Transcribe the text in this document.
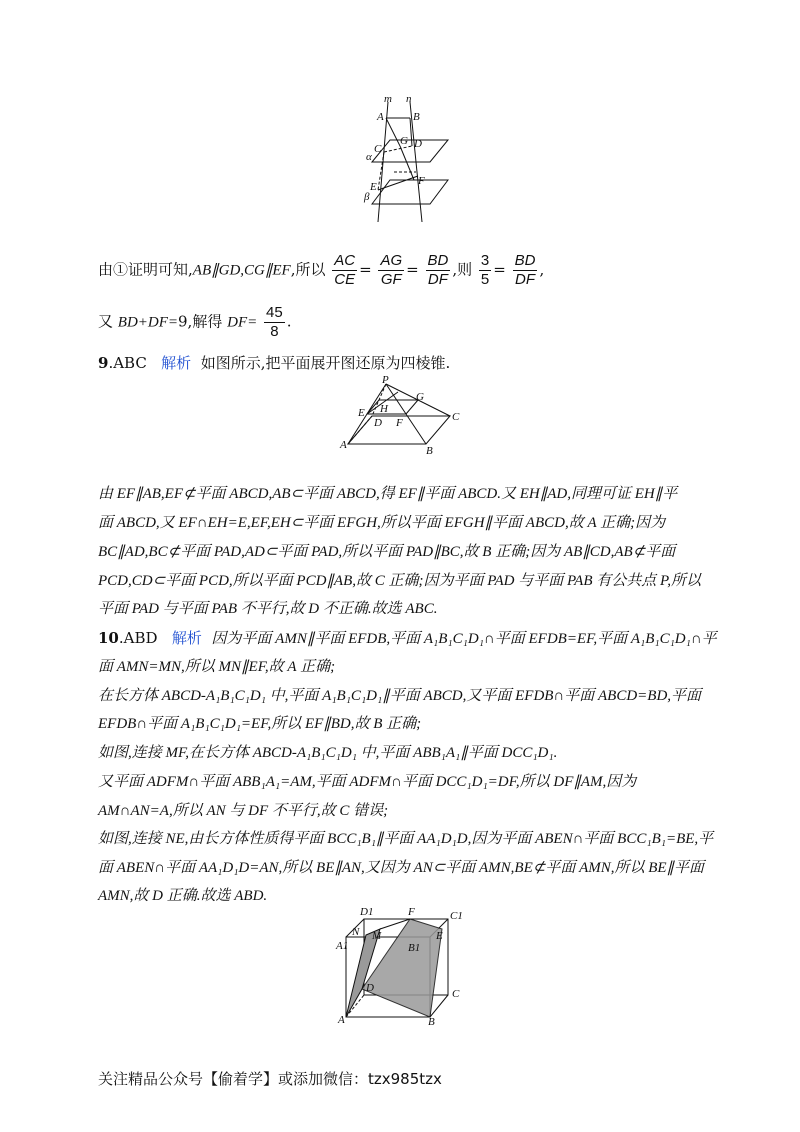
m n
A	B
C
G D
α
E	F
β
由①证明可知,AB∥GD,CG∥EF,所以 $\frac{AC}{CE} = \frac{AG}{GF} = \frac{BD}{DF}$ ,则 $\frac{3}{5} = \frac{BD}{DF}$ ,
又 BD+DF=9,解得 $DF= \frac{45}{8}$ .
9.ABC 解析 如图所示,把平面展开图还原为四棱锥.
P
G
E H
C
D F
A	B
由 EF∥AB,EF⊄平面 ABCD,AB⊂平面 ABCD,得 EF∥平面 ABCD.又 EH∥AD,同理可证 EH∥平
面 ABCD,又 EF∩EH=E,EF,EH⊂平面 EFGH,所以平面 EFGH∥平面 ABCD,故 A 正确;因为
BC∥AD,BC⊄平面 PAD,AD⊂平面 PAD,所以平面 PAD∥BC,故 B 正确;因为 AB∥CD,AB⊄平面
PCD,CD⊂平面 PCD,所以平面 PCD∥AB,故 C 正确;因为平面 PAD 与平面 PAB 有公共点 P,所以
平面 PAD 与平面 PAB 不平行,故 D 不正确.故选 ABC.
10.ABD 解析 因为平面 AMN∥平面 EFDB,平面 A₁B₁C₁D₁∩平面 EFDB=EF,平面 A₁B₁C₁D₁∩平
面 AMN=MN,所以 MN∥EF,故 A 正确;
在长方体 ABCD-A₁B₁C₁D₁ 中,平面 A₁B₁C₁D₁∥平面 ABCD,又平面 EFDB∩平面 ABCD=BD,平面
EFDB∩平面 A₁B₁C₁D₁=EF,所以 EF∥BD,故 B 正确;
如图,连接 MF,在长方体 ABCD-A₁B₁C₁D₁ 中,平面 ABB₁A₁∥平面 DCC₁D₁.
又平面 ADFM∩平面 ABB₁A₁=AM,平面 ADFM∩平面 DCC₁D₁=DF,所以 DF∥AM,因为
AM∩AN=A,所以 AN 与 DF 不平行,故 C 错误;
如图,连接 NE,由长方体性质得平面 BCC₁B₁∥平面 AA₁D₁D,因为平面 ABEN∩平面 BCC₁B₁=BE,平
面 ABEN∩平面 AA₁D₁D=AN,所以 BE∥AN,又因为 AN⊂平面 AMN,BE⊄平面 AMN,所以 BE∥平面
AMN,故 D 正确.故选 ABD.
D1	F	C1
N M
A1	B1
E
D	C
A	B
关注精品公众号【偷着学】或添加微信：tzx985tzx
